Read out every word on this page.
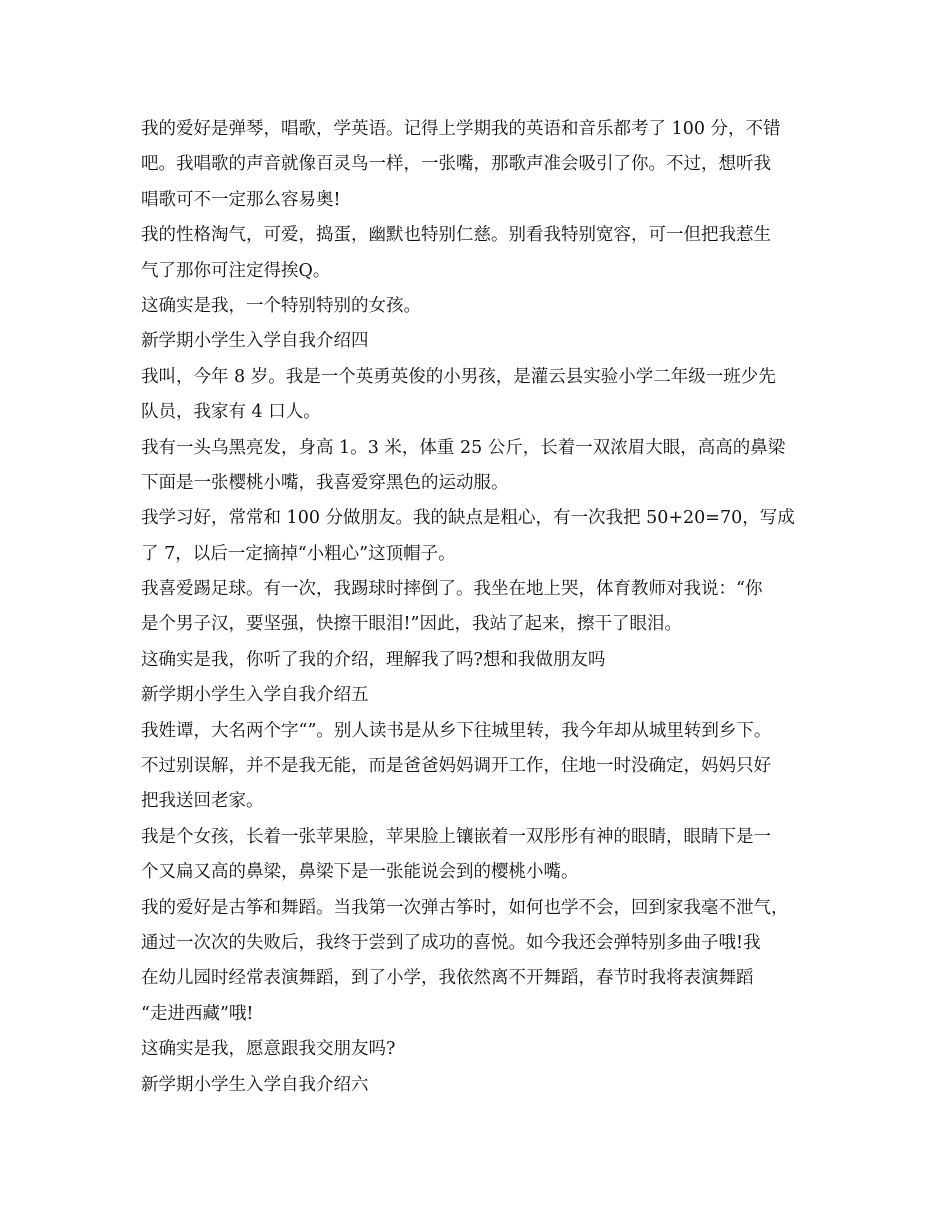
我的爱好是弹琴，唱歌，学英语。记得上学期我的英语和音乐都考了 100 分，不错
吧。我唱歌的声音就像百灵鸟一样，一张嘴，那歌声准会吸引了你。不过，想听我
唱歌可不一定那么容易奥!
我的性格淘气，可爱，捣蛋，幽默也特别仁慈。别看我特别宽容，可一但把我惹生
气了那你可注定得挨Q。
这确实是我，一个特别特别的女孩。
新学期小学生入学自我介绍四
我叫，今年 8 岁。我是一个英勇英俊的小男孩，是灌云县实验小学二年级一班少先
队员，我家有 4 口人。
我有一头乌黑亮发，身高 1。3 米，体重 25 公斤，长着一双浓眉大眼，高高的鼻梁
下面是一张樱桃小嘴，我喜爱穿黑色的运动服。
我学习好，常常和 100 分做朋友。我的缺点是粗心，有一次我把 50+20=70，写成
了 7，以后一定摘掉“小粗心”这顶帽子。
我喜爱踢足球。有一次，我踢球时摔倒了。我坐在地上哭，体育教师对我说：“你
是个男子汉，要坚强，快擦干眼泪!”因此，我站了起来，擦干了眼泪。
这确实是我，你听了我的介绍，理解我了吗?想和我做朋友吗
新学期小学生入学自我介绍五
我姓谭，大名两个字“”。别人读书是从乡下往城里转，我今年却从城里转到乡下。
不过别误解，并不是我无能，而是爸爸妈妈调开工作，住地一时没确定，妈妈只好
把我送回老家。
我是个女孩，长着一张苹果脸，苹果脸上镶嵌着一双彤彤有神的眼睛，眼睛下是一
个又扁又高的鼻梁，鼻梁下是一张能说会到的樱桃小嘴。
我的爱好是古筝和舞蹈。当我第一次弹古筝时，如何也学不会，回到家我毫不泄气，
通过一次次的失败后，我终于尝到了成功的喜悦。如今我还会弹特别多曲子哦!我
在幼儿园时经常表演舞蹈，到了小学，我依然离不开舞蹈，春节时我将表演舞蹈
“走进西藏”哦!
这确实是我，愿意跟我交朋友吗?
新学期小学生入学自我介绍六
